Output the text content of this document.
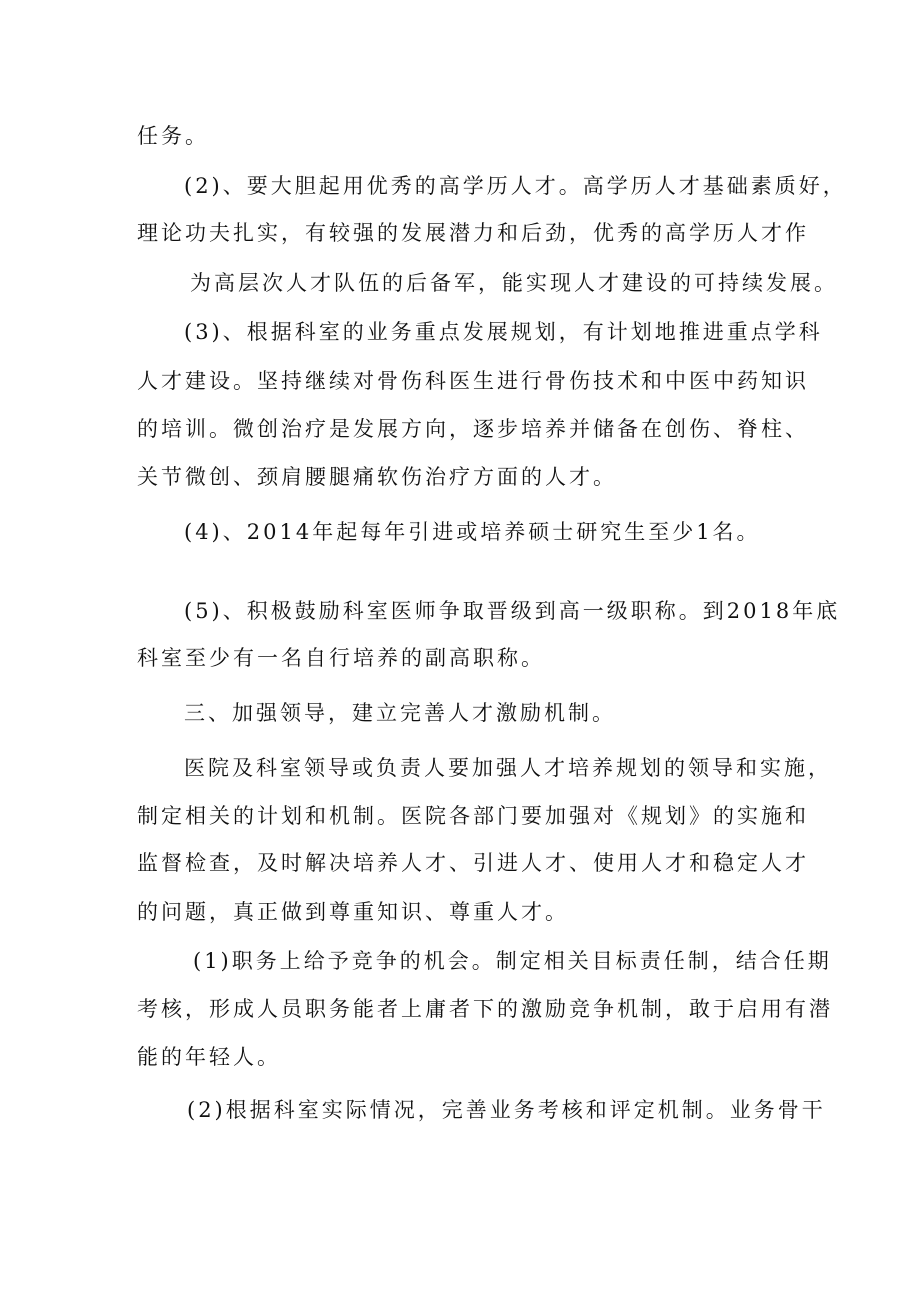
任务。
(2)、要大胆起用优秀的高学历人才。高学历人才基础素质好，
理论功夫扎实，有较强的发展潜力和后劲，优秀的高学历人才作
为高层次人才队伍的后备军，能实现人才建设的可持续发展。
(3)、根据科室的业务重点发展规划，有计划地推进重点学科
人才建设。坚持继续对骨伤科医生进行骨伤技术和中医中药知识
的培训。微创治疗是发展方向，逐步培养并储备在创伤、脊柱、
关节微创、颈肩腰腿痛软伤治疗方面的人才。
(4)、2014年起每年引进或培养硕士研究生至少1名。
(5)、积极鼓励科室医师争取晋级到高一级职称。到2018年底
科室至少有一名自行培养的副高职称。
三、加强领导，建立完善人才激励机制。
医院及科室领导或负责人要加强人才培养规划的领导和实施，
制定相关的计划和机制。医院各部门要加强对《规划》的实施和
监督检查，及时解决培养人才、引进人才、使用人才和稳定人才
的问题，真正做到尊重知识、尊重人才。
(1)职务上给予竞争的机会。制定相关目标责任制，结合任期
考核，形成人员职务能者上庸者下的激励竞争机制，敢于启用有潜
能的年轻人。
(2)根据科室实际情况，完善业务考核和评定机制。业务骨干
